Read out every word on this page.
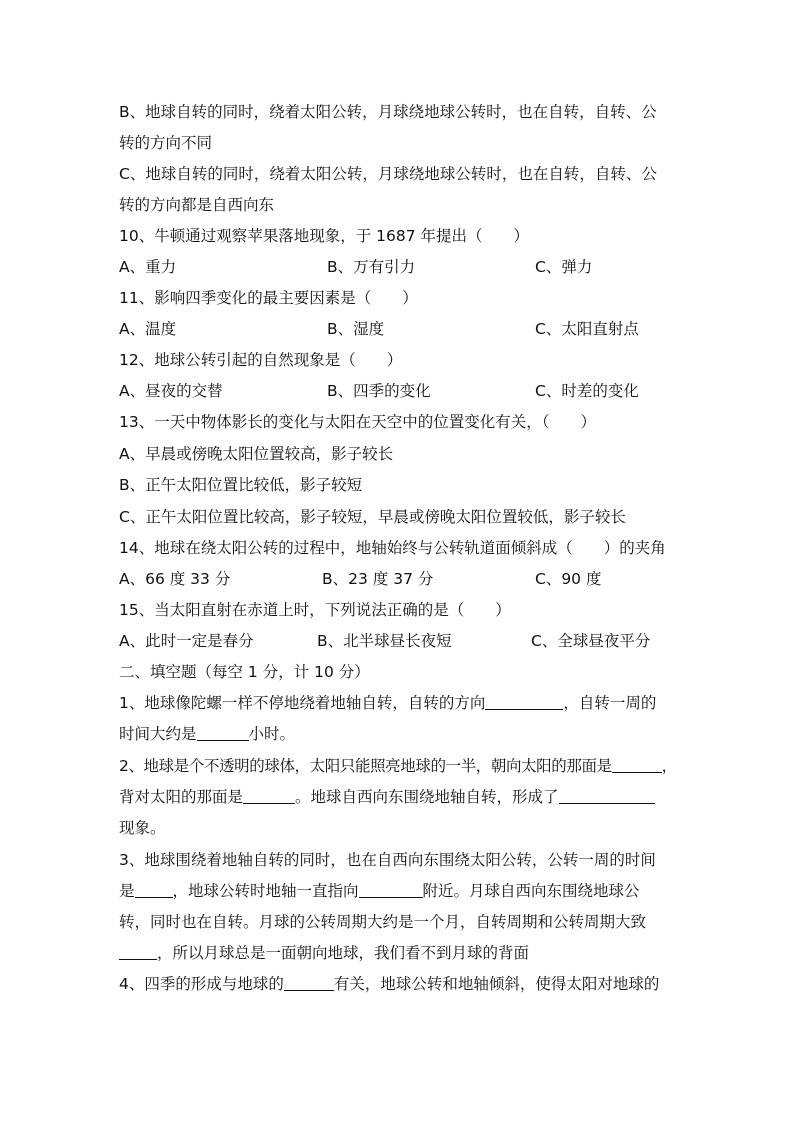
B、地球自转的同时，绕着太阳公转，月球绕地球公转时，也在自转，自转、公
转的方向不同
C、地球自转的同时，绕着太阳公转，月球绕地球公转时，也在自转，自转、公
转的方向都是自西向东
10、牛顿通过观察苹果落地现象，于 1687 年提出（　　）
A、重力	B、万有引力	C、弹力
11、影响四季变化的最主要因素是（　　）
A、温度	B、湿度	C、太阳直射点
12、地球公转引起的自然现象是（　　）
A、昼夜的交替	B、四季的变化	C、时差的变化
13、一天中物体影长的变化与太阳在天空中的位置变化有关，（　　）
A、早晨或傍晚太阳位置较高，影子较长
B、正午太阳位置比较低，影子较短
C、正午太阳位置比较高，影子较短，早晨或傍晚太阳位置较低，影子较长
14、地球在绕太阳公转的过程中，地轴始终与公转轨道面倾斜成（　　）的夹角
A、66 度 33 分	B、23 度 37 分	C、90 度
15、当太阳直射在赤道上时，下列说法正确的是（　　）
A、此时一定是春分	B、北半球昼长夜短	C、全球昼夜平分
二、填空题（每空 1 分，计 10 分）
1、地球像陀螺一样不停地绕着地轴自转，自转的方向	，自转一周的
时间大约是	小时。
2、地球是个不透明的球体，太阳只能照亮地球的一半，朝向太阳的那面是	，
背对太阳的那面是	。地球自西向东围绕地轴自转，形成了
现象。
3、地球围绕着地轴自转的同时，也在自西向东围绕太阳公转，公转一周的时间
是 ，地球公转时地轴一直指向	附近。月球自西向东围绕地球公
转，同时也在自转。月球的公转周期大约是一个月，自转周期和公转周期大致
，所以月球总是一面朝向地球，我们看不到月球的背面
4、四季的形成与地球的	有关，地球公转和地轴倾斜，使得太阳对地球的
